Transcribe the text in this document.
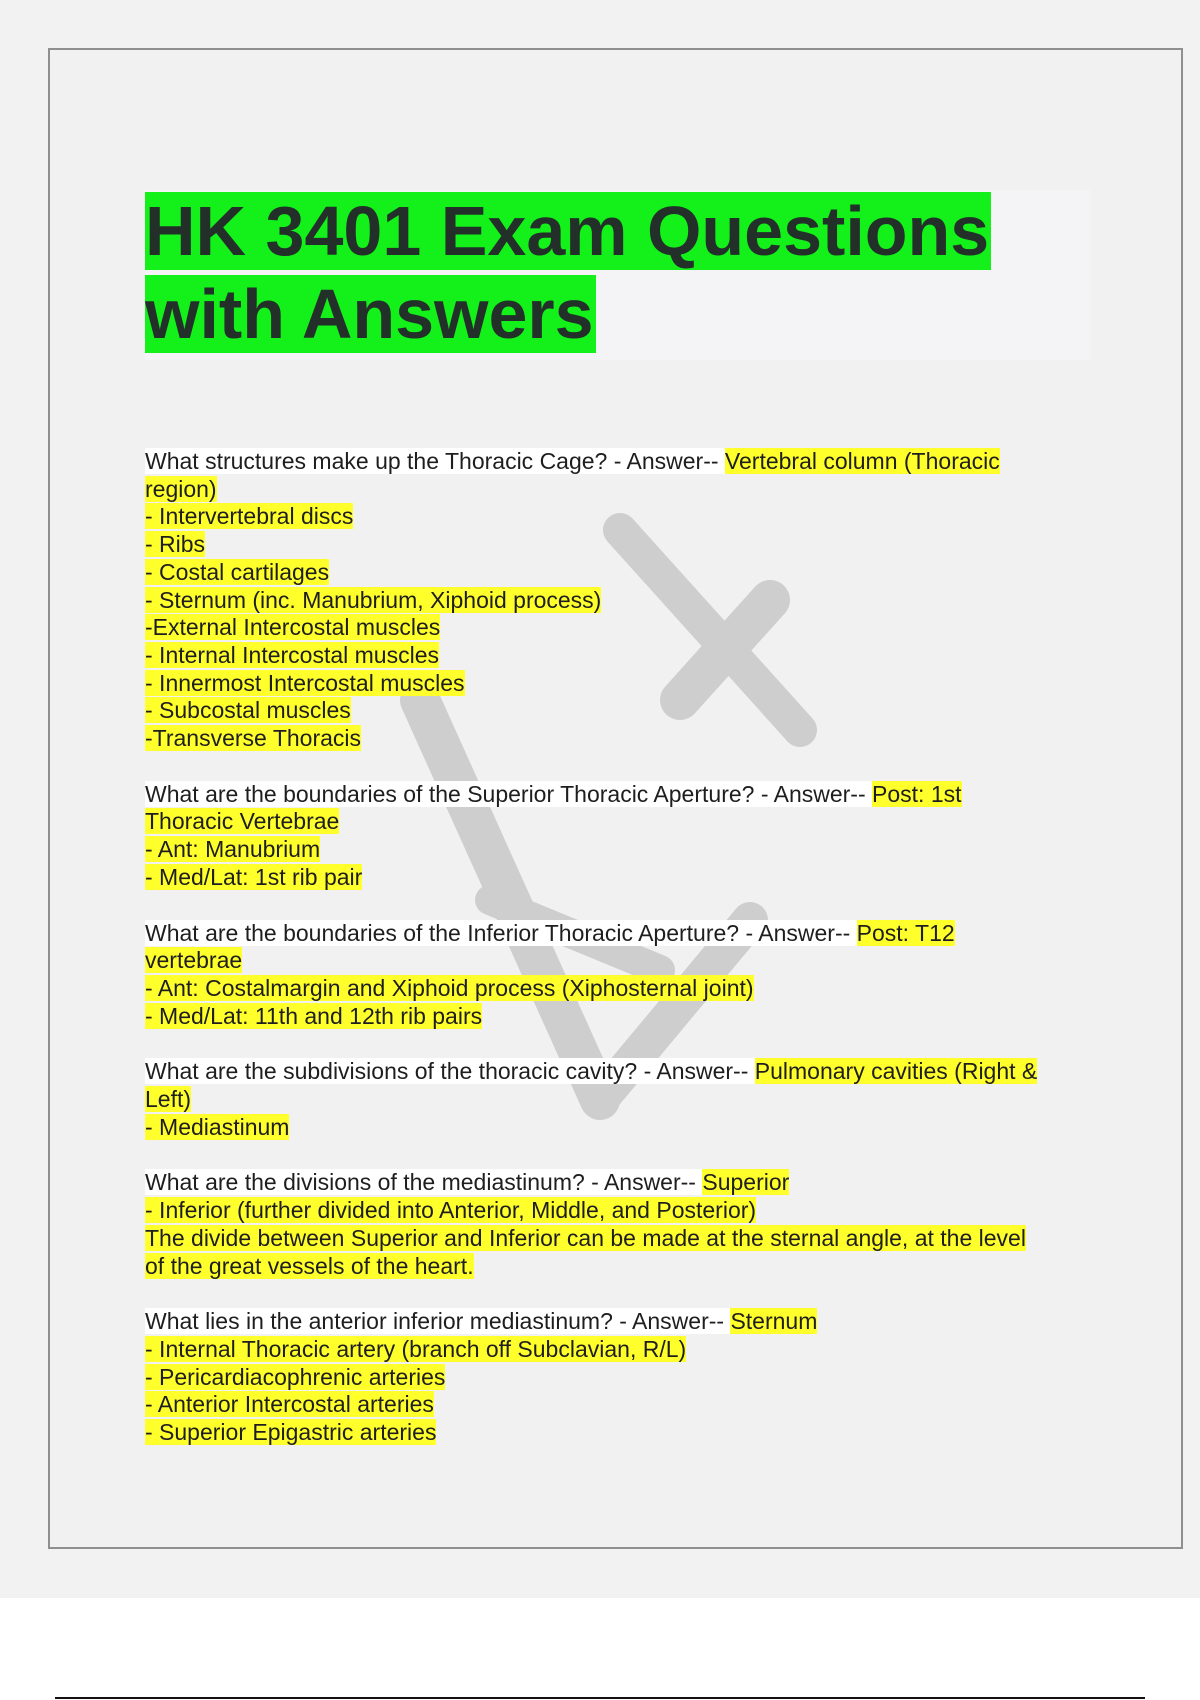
HK 3401 Exam Questions
with Answers
What structures make up the Thoracic Cage? - Answer-- Vertebral column (Thoracic
region)
- Intervertebral discs
- Ribs
- Costal cartilages
- Sternum (inc. Manubrium, Xiphoid process)
-External Intercostal muscles
- Internal Intercostal muscles
- Innermost Intercostal muscles
- Subcostal muscles
-Transverse Thoracis
What are the boundaries of the Superior Thoracic Aperture? - Answer-- Post: 1st
Thoracic Vertebrae
- Ant: Manubrium
- Med/Lat: 1st rib pair
What are the boundaries of the Inferior Thoracic Aperture? - Answer-- Post: T12
vertebrae
- Ant: Costalmargin and Xiphoid process (Xiphosternal joint)
- Med/Lat: 11th and 12th rib pairs
What are the subdivisions of the thoracic cavity? - Answer-- Pulmonary cavities (Right &
Left)
- Mediastinum
What are the divisions of the mediastinum? - Answer-- Superior
- Inferior (further divided into Anterior, Middle, and Posterior)
The divide between Superior and Inferior can be made at the sternal angle, at the level
of the great vessels of the heart.
What lies in the anterior inferior mediastinum? - Answer-- Sternum
- Internal Thoracic artery (branch off Subclavian, R/L)
- Pericardiacophrenic arteries
- Anterior Intercostal arteries
- Superior Epigastric arteries
